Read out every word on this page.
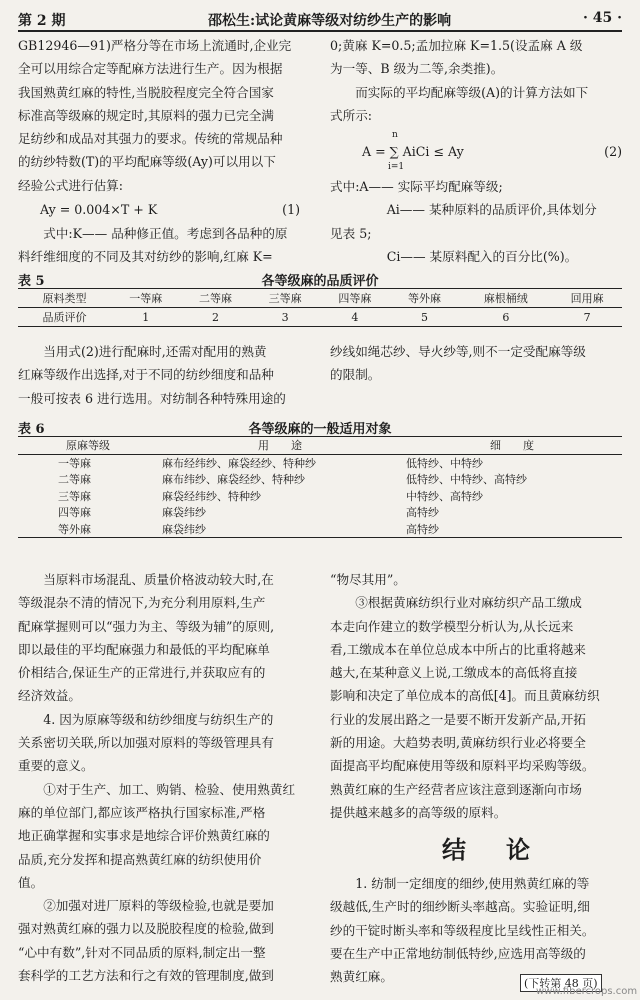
第 2 期	邵松生:试论黄麻等级对纺纱生产的影响	· 45 ·
GB12946—91)严格分等在市场上流通时,企业完
全可以用综合定等配麻方法进行生产。因为根据
我国熟黄红麻的特性,当脱胶程度完全符合国家
标准高等级麻的规定时,其原料的强力已完全满
足纺纱和成品对其强力的要求。传统的常规品种
的纺纱特数(T)的平均配麻等级(Ay)可以用以下
经验公式进行估算:
Ay = 0.004×T + K	(1)
式中:K—— 品种修正值。考虑到各品种的原
料纤维细度的不同及其对纺纱的影响,红麻 K=
0;黄麻 K=0.5;孟加拉麻 K=1.5(设孟麻 A 级
为一等、B 级为二等,余类推)。
而实际的平均配麻等级(A)的计算方法如下
式所示:
A = ∑ AiCi ≤ Ay
n
i=1
(2)
式中:A—— 实际平均配麻等级;
Ai—— 某种原料的品质评价,具体划分
见表 5;
Ci—— 某原料配入的百分比(%)。
表 5	各等级麻的品质评价
原料类型	一等麻	二等麻	三等麻	四等麻	等外麻	麻根桶绒	回用麻
品质评价	1	2	3	4	5	6	7
当用式(2)进行配麻时,还需对配用的熟黄
红麻等级作出选择,对于不同的纺纱细度和品种
一般可按表 6 进行选用。对纺制各种特殊用途的
纱线如绳芯纱、导火纱等,则不一定受配麻等级
的限制。
表 6	各等级麻的一般适用对象
原麻等级	用　　途	细　　度
一等麻	麻布经纬纱、麻袋经纱、特种纱	低特纱、中特纱
二等麻	麻布纬纱、麻袋经纱、特种纱	低特纱、中特纱、高特纱
三等麻	麻袋经纬纱、特种纱	中特纱、高特纱
四等麻	麻袋纬纱	高特纱
等外麻	麻袋纬纱	高特纱
当原料市场混乱、质量价格波动较大时,在
等级混杂不清的情况下,为充分利用原料,生产
配麻掌握则可以“强力为主、等级为辅”的原则,
即以最佳的平均配麻强力和最低的平均配麻单
价相结合,保证生产的正常进行,并获取应有的
经济效益。
4. 因为原麻等级和纺纱细度与纺织生产的
关系密切关联,所以加强对原料的等级管理具有
重要的意义。
①对于生产、加工、购销、检验、使用熟黄红
麻的单位部门,都应该严格执行国家标准,严格
地正确掌握和实事求是地综合评价熟黄红麻的
品质,充分发挥和提高熟黄红麻的纺织使用价
值。
②加强对进厂原料的等级检验,也就是要加
强对熟黄红麻的强力以及脱胶程度的检验,做到
“心中有数”,针对不同品质的原料,制定出一整
套科学的工艺方法和行之有效的管理制度,做到
“物尽其用”。
③根据黄麻纺织行业对麻纺织产品工缴成
本走向作建立的数学模型分析认为,从长远来
看,工缴成本在单位总成本中所占的比重将越来
越大,在某种意义上说,工缴成本的高低将直接
影响和决定了单位成本的高低[4]。而且黄麻纺织
行业的发展出路之一是要不断开发新产品,开拓
新的用途。大趋势表明,黄麻纺织行业必将要全
面提高平均配麻使用等级和原料平均采购等级。
熟黄红麻的生产经营者应该注意到逐渐向市场
提供越来越多的高等级的原料。
结论
1. 纺制一定细度的细纱,使用熟黄红麻的等
级越低,生产时的细纱断头率越高。实验证明,细
纱的干锭时断头率和等级程度比呈线性正相关。
要在生产中正常地纺制低特纱,应选用高等级的
熟黄红麻。	(下转第 48 页)
www.fibercrops.com
